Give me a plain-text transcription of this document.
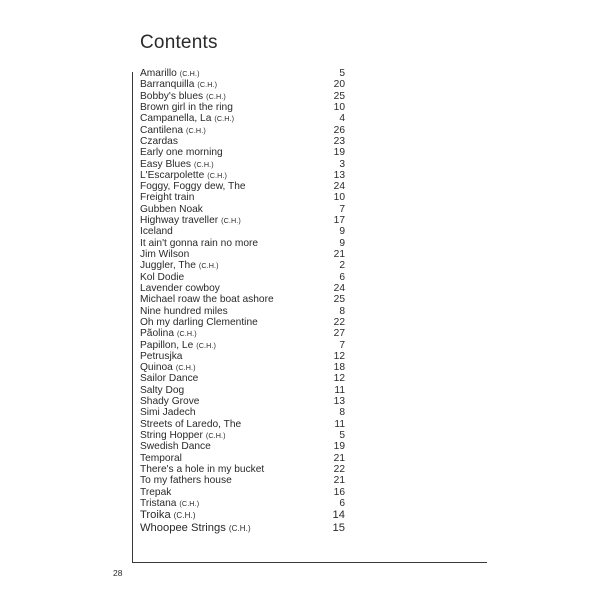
Contents
Amarillo (C.H.)	5
Barranquilla (C.H.)	20
Bobby's blues (C.H.)	25
Brown girl in the ring	10
Campanella, La (C.H.)	4
Cantilena (C.H.)	26
Czardas	23
Early one morning	19
Easy Blues (C.H.)	3
L'Escarpolette (C.H.)	13
Foggy, Foggy dew, The	24
Freight train	10
Gubben Noak	7
Highway traveller (C.H.)	17
Iceland	9
It ain't gonna rain no more	9
Jim Wilson	21
Juggler, The (C.H.)	2
Kol Dodie	6
Lavender cowboy	24
Michael roaw the boat ashore	25
Nine hundred miles	8
Oh my darling Clementine	22
Pãolina (C.H.)	27
Papillon, Le (C.H.)	7
Petrusjka	12
Quinoa (C.H.)	18
Sailor Dance	12
Salty Dog	11
Shady Grove	13
Simi Jadech	8
Streets of Laredo, The	11
String Hopper (C.H.)	5
Swedish Dance	19
Temporal	21
There's a hole in my bucket	22
To my fathers house	21
Trepak	16
Tristana (C.H.)	6
Troika (C.H.)	14
Whoopee Strings (C.H.)	15
28
